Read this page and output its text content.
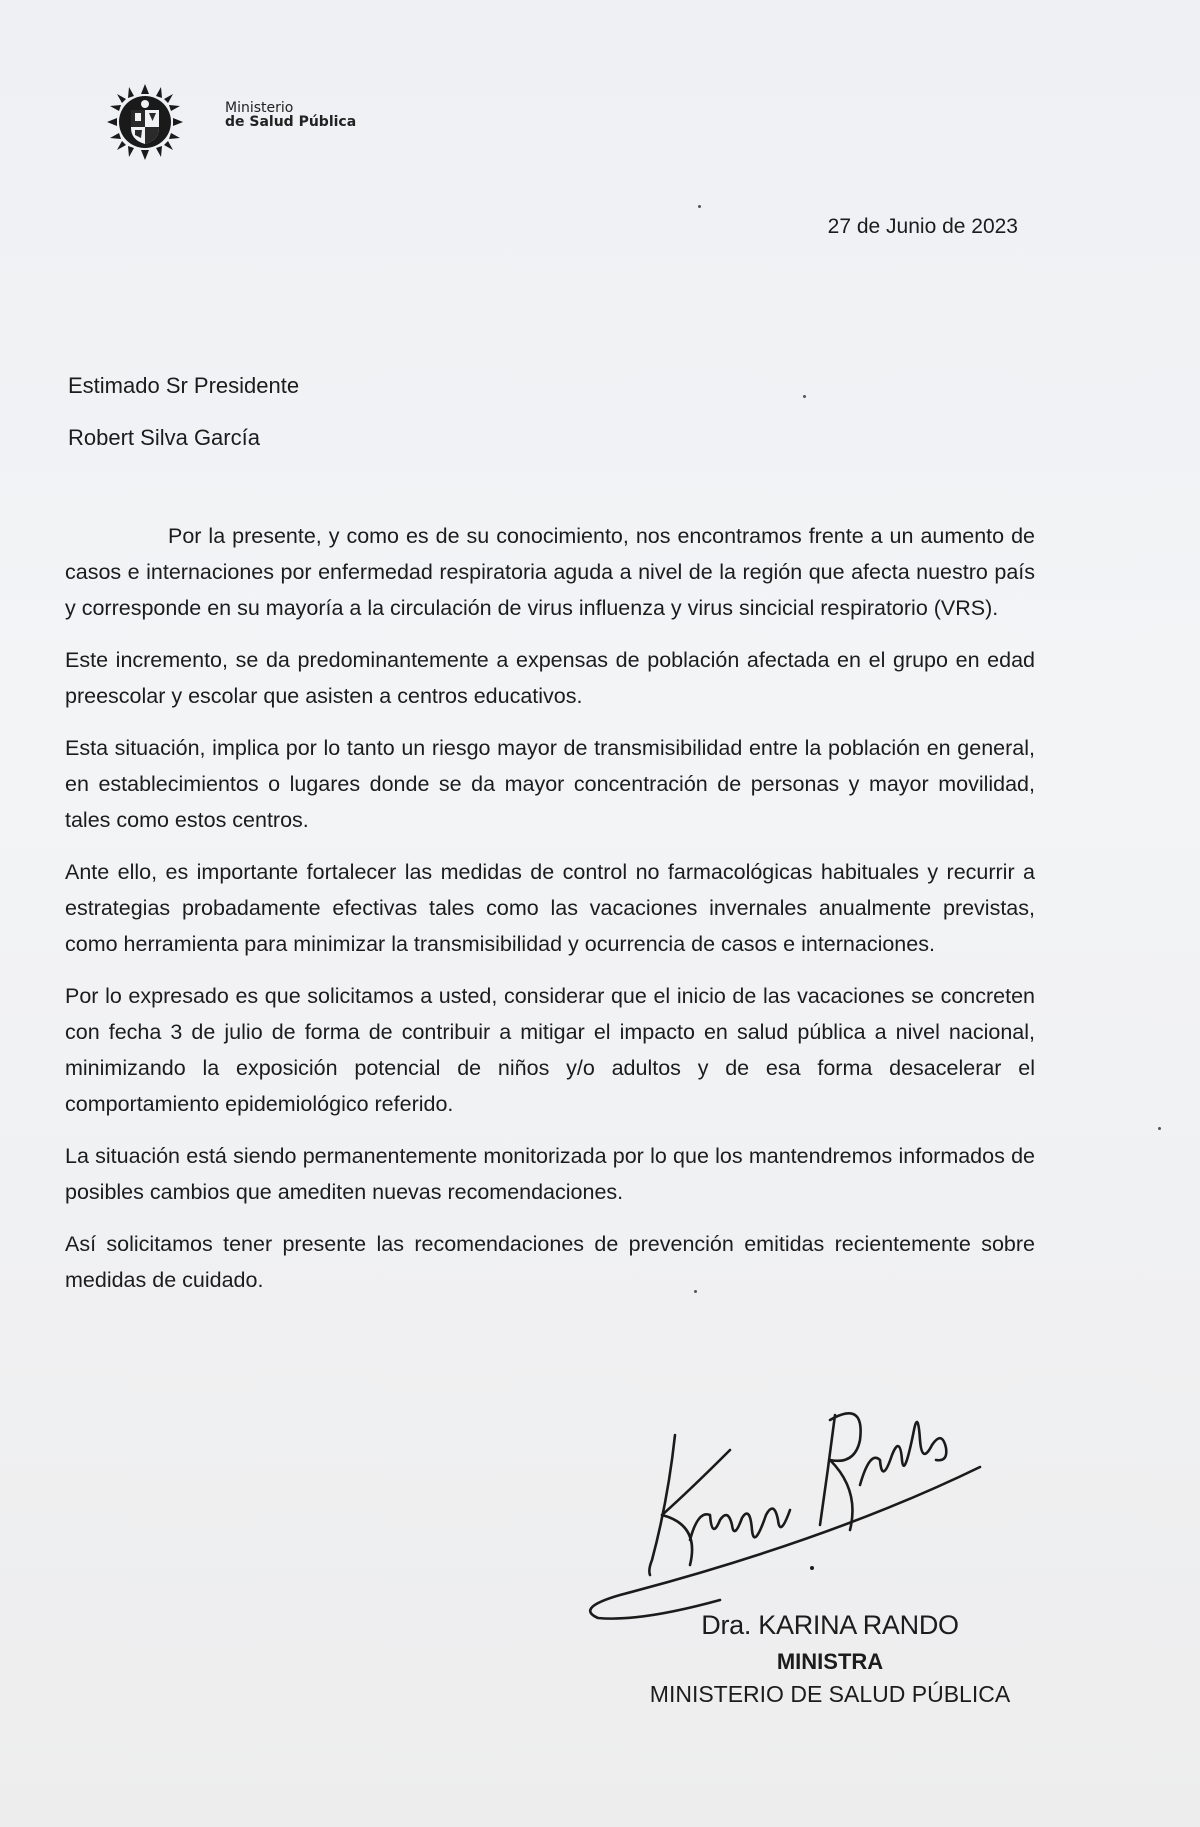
Ministerio
de Salud Pública
27 de Junio de 2023
Estimado Sr Presidente
Robert Silva García

Por la presente, y como es de su conocimiento, nos encontramos frente a un aumento de casos e internaciones por enfermedad respiratoria aguda a nivel de la región que afecta nuestro país y corresponde en su mayoría a la circulación de virus influenza y virus sincicial respiratorio (VRS).

Este incremento, se da predominantemente a expensas de población afectada en el grupo en edad preescolar y escolar que asisten a centros educativos.

Esta situación, implica por lo tanto un riesgo mayor de transmisibilidad entre la población en general, en establecimientos o lugares donde se da mayor concentración de personas y mayor movilidad, tales como estos centros.

Ante ello, es importante fortalecer las medidas de control no farmacológicas habituales y recurrir a estrategias probadamente efectivas tales como las vacaciones invernales anualmente previstas, como herramienta para minimizar la transmisibilidad y ocurrencia de casos e internaciones.

Por lo expresado es que solicitamos a usted, considerar que el inicio de las vacaciones se concreten con fecha 3 de julio de forma de contribuir a mitigar el impacto en salud pública a nivel nacional, minimizando la exposición potencial de niños y/o adultos y de esa forma desacelerar el comportamiento epidemiológico referido.

La situación está siendo permanentemente monitorizada por lo que los mantendremos informados de posibles cambios que amediten nuevas recomendaciones.

Así solicitamos tener presente las recomendaciones de prevención emitidas recientemente sobre medidas de cuidado.

Dra. KARINA RANDO
MINISTRA
MINISTERIO DE SALUD PÚBLICA
